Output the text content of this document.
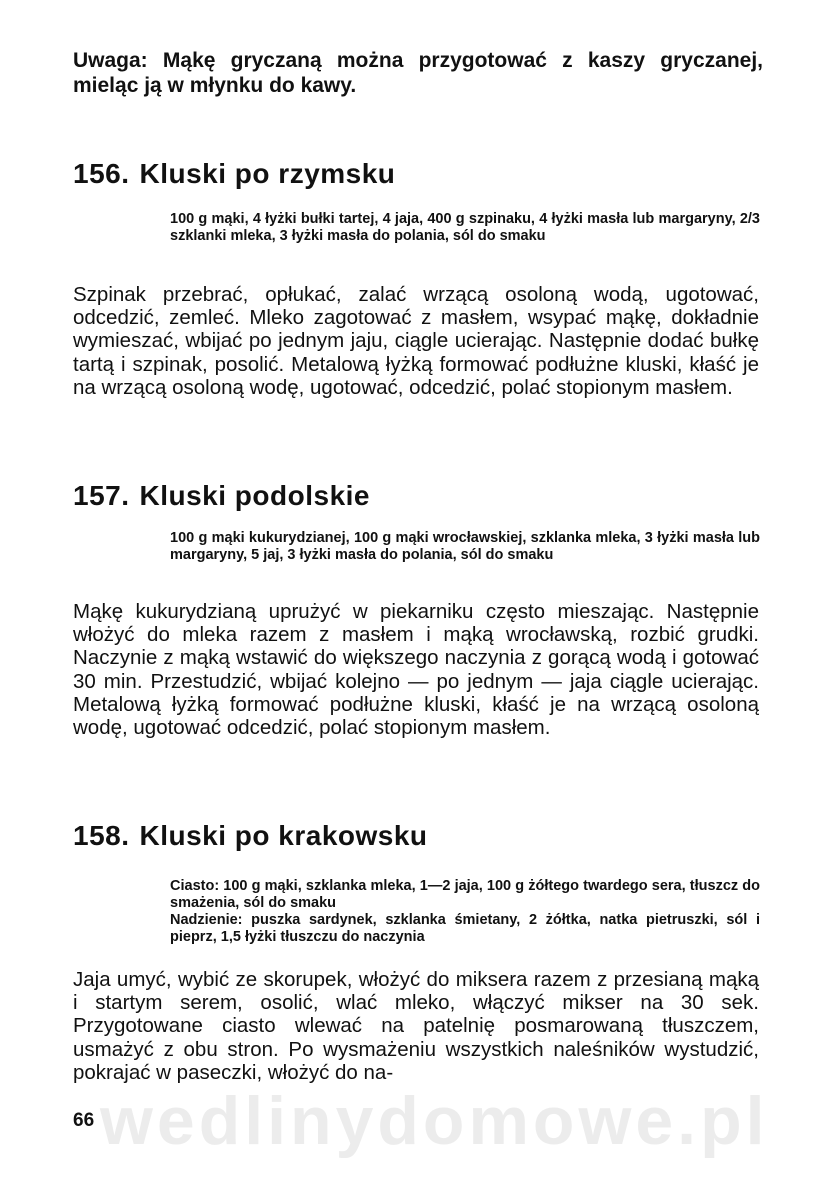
wedlinydomowe.pl

Uwaga: Mąkę gryczaną można przygotować z kaszy gryczanej, mieląc ją w młynku do kawy.

156. Kluski po rzymsku

100 g mąki, 4 łyżki bułki tartej, 4 jaja, 400 g szpinaku, 4 łyżki masła lub margaryny, 2/3 szklanki mleka, 3 łyżki masła do polania, sól do smaku

Szpinak przebrać, opłukać, zalać wrzącą osoloną wodą, ugotować, odcedzić, zemleć. Mleko zagotować z masłem, wsypać mąkę, dokładnie wymieszać, wbijać po jednym jaju, ciągle ucierając. Następnie dodać bułkę tartą i szpinak, posolić. Metalową łyżką formować podłużne kluski, kłaść je na wrzącą osoloną wodę, ugotować, odcedzić, polać stopionym masłem.

157. Kluski podolskie

100 g mąki kukurydzianej, 100 g mąki wrocławskiej, szklanka mleka, 3 łyżki masła lub margaryny, 5 jaj, 3 łyżki masła do polania, sól do smaku

Mąkę kukurydzianą uprużyć w piekarniku często mieszając. Następnie włożyć do mleka razem z masłem i mąką wrocławską, rozbić grudki. Naczynie z mąką wstawić do większego naczynia z gorącą wodą i gotować 30 min. Przestudzić, wbijać kolejno — po jednym — jaja ciągle ucierając. Metalową łyżką formować podłużne kluski, kłaść je na wrzącą osoloną wodę, ugotować odcedzić, polać stopionym masłem.

158. Kluski po krakowsku

Ciasto: 100 g mąki, szklanka mleka, 1—2 jaja, 100 g żółtego twardego sera, tłuszcz do smażenia, sól do smaku

Nadzienie: puszka sardynek, szklanka śmietany, 2 żółtka, natka pietruszki, sól i pieprz, 1,5 łyżki tłuszczu do naczynia

Jaja umyć, wybić ze skorupek, włożyć do miksera razem z przesianą mąką i startym serem, osolić, wlać mleko, włączyć mikser na 30 sek. Przygotowane ciasto wlewać na patelnię posmarowaną tłuszczem, usmażyć z obu stron. Po wysmażeniu wszystkich naleśników wystudzić, pokrajać w paseczki, włożyć do na-

66
